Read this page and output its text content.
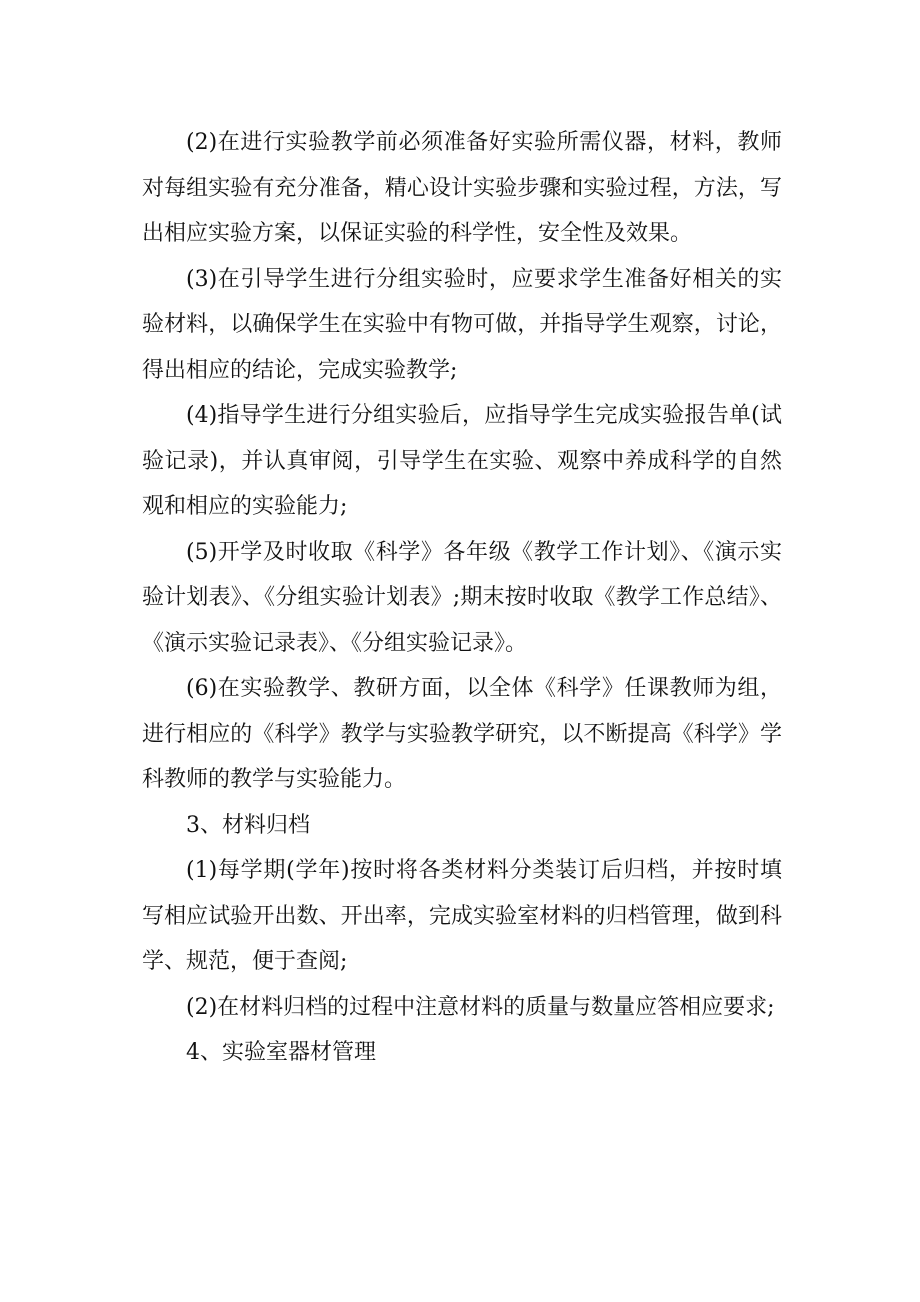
(2)在进行实验教学前必须准备好实验所需仪器，材料，教师对每组实验有充分准备，精心设计实验步骤和实验过程，方法，写出相应实验方案，以保证实验的科学性，安全性及效果。

(3)在引导学生进行分组实验时，应要求学生准备好相关的实验材料，以确保学生在实验中有物可做，并指导学生观察，讨论，得出相应的结论，完成实验教学;

(4)指导学生进行分组实验后，应指导学生完成实验报告单(试验记录)，并认真审阅，引导学生在实验、观察中养成科学的自然观和相应的实验能力;

(5)开学及时收取《科学》各年级《教学工作计划》、《演示实验计划表》、《分组实验计划表》;期末按时收取《教学工作总结》、《演示实验记录表》、《分组实验记录》。

(6)在实验教学、教研方面，以全体《科学》任课教师为组，进行相应的《科学》教学与实验教学研究，以不断提高《科学》学科教师的教学与实验能力。

3、材料归档

(1)每学期(学年)按时将各类材料分类装订后归档，并按时填写相应试验开出数、开出率，完成实验室材料的归档管理，做到科学、规范，便于查阅;

(2)在材料归档的过程中注意材料的质量与数量应答相应要求;

4、实验室器材管理
